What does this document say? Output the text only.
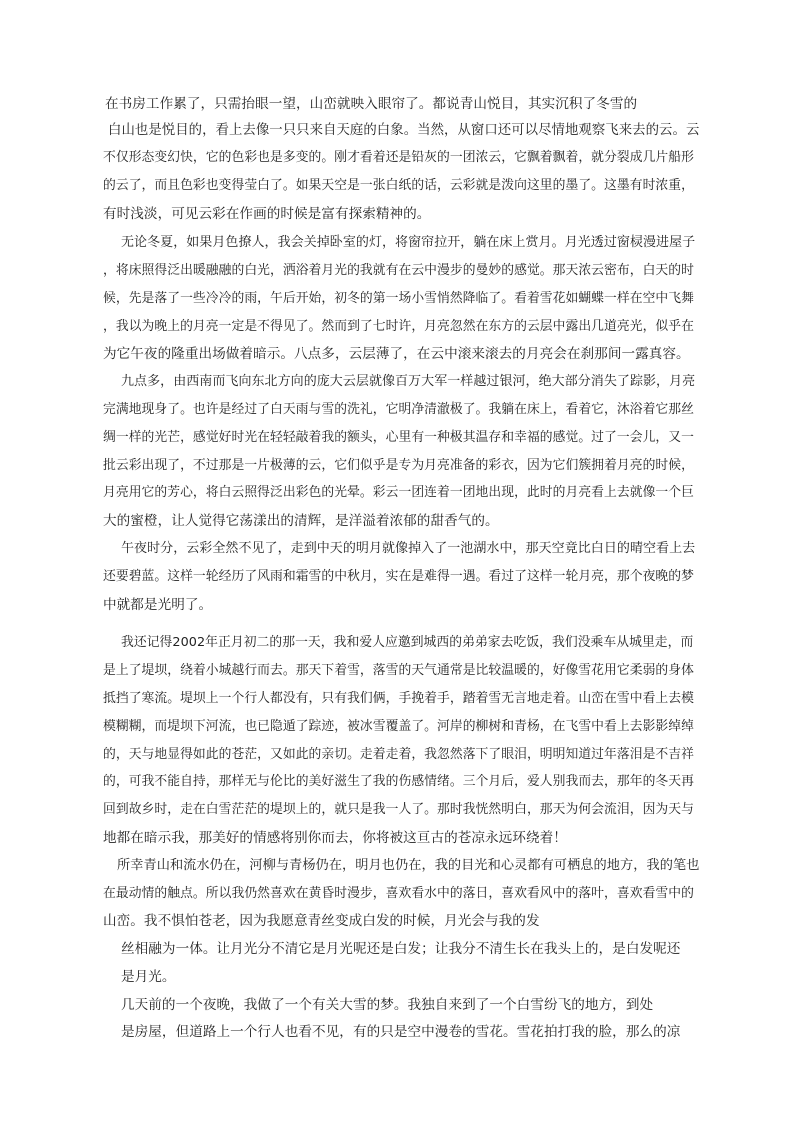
在书房工作累了，只需抬眼一望，山峦就映入眼帘了。都说青山悦目，其实沉积了冬雪的

白山也是悦目的，看上去像一只只来自天庭的白象。当然，从窗口还可以尽情地观察飞来去的云。云

不仅形态变幻快，它的色彩也是多变的。刚才看着还是铅灰的一团浓云，它飘着飘着，就分裂成几片船形

的云了，而且色彩也变得莹白了。如果天空是一张白纸的话，云彩就是泼向这里的墨了。这墨有时浓重，

有时浅淡，可见云彩在作画的时候是富有探索精神的。

无论冬夏，如果月色撩人，我会关掉卧室的灯，将窗帘拉开，躺在床上赏月。月光透过窗棂漫进屋子

，将床照得泛出暖融融的白光，洒浴着月光的我就有在云中漫步的曼妙的感觉。那天浓云密布，白天的时

候，先是落了一些冷冷的雨，午后开始，初冬的第一场小雪悄然降临了。看着雪花如蝴蝶一样在空中飞舞

，我以为晚上的月亮一定是不得见了。然而到了七时许，月亮忽然在东方的云层中露出几道亮光，似乎在

为它午夜的隆重出场做着暗示。八点多，云层薄了，在云中滚来滚去的月亮会在刹那间一露真容。

九点多，由西南而飞向东北方向的庞大云层就像百万大军一样越过银河，绝大部分消失了踪影，月亮

完满地现身了。也许是经过了白天雨与雪的洗礼，它明净清澈极了。我躺在床上，看着它，沐浴着它那丝

绸一样的光芒，感觉好时光在轻轻敲着我的额头，心里有一种极其温存和幸福的感觉。过了一会儿，又一

批云彩出现了，不过那是一片极薄的云，它们似乎是专为月亮准备的彩衣，因为它们簇拥着月亮的时候，

月亮用它的芳心，将白云照得泛出彩色的光晕。彩云一团连着一团地出现，此时的月亮看上去就像一个巨

大的蜜橙，让人觉得它荡漾出的清辉，是洋溢着浓郁的甜香气的。

午夜时分，云彩全然不见了，走到中天的明月就像掉入了一池湖水中，那天空竟比白日的晴空看上去

还要碧蓝。这样一轮经历了风雨和霜雪的中秋月，实在是难得一遇。看过了这样一轮月亮，那个夜晚的梦

中就都是光明了。

我还记得2002年正月初二的那一天，我和爱人应邀到城西的弟弟家去吃饭，我们没乘车从城里走，而

是上了堤坝，绕着小城越行而去。那天下着雪，落雪的天气通常是比较温暖的，好像雪花用它柔弱的身体

抵挡了寒流。堤坝上一个行人都没有，只有我们俩，手挽着手，踏着雪无言地走着。山峦在雪中看上去模

模糊糊，而堤坝下河流，也已隐遁了踪迹，被冰雪覆盖了。河岸的柳树和青杨，在飞雪中看上去影影绰绰

的，天与地显得如此的苍茫，又如此的亲切。走着走着，我忽然落下了眼泪，明明知道过年落泪是不吉祥

的，可我不能自持，那样无与伦比的美好滋生了我的伤感情绪。三个月后，爱人别我而去，那年的冬天再

回到故乡时，走在白雪茫茫的堤坝上的，就只是我一人了。那时我恍然明白，那天为何会流泪，因为天与

地都在暗示我，那美好的情感将别你而去，你将被这亘古的苍凉永远环绕着！

所幸青山和流水仍在，河柳与青杨仍在，明月也仍在，我的目光和心灵都有可栖息的地方，我的笔也

在最动情的触点。所以我仍然喜欢在黄昏时漫步，喜欢看水中的落日，喜欢看风中的落叶，喜欢看雪中的

山峦。我不惧怕苍老，因为我愿意青丝变成白发的时候，月光会与我的发

丝相融为一体。让月光分不清它是月光呢还是白发；让我分不清生长在我头上的，是白发呢还

是月光。

几天前的一个夜晚，我做了一个有关大雪的梦。我独自来到了一个白雪纷飞的地方，到处

是房屋，但道路上一个行人也看不见，有的只是空中漫卷的雪花。雪花拍打我的脸，那么的凉
